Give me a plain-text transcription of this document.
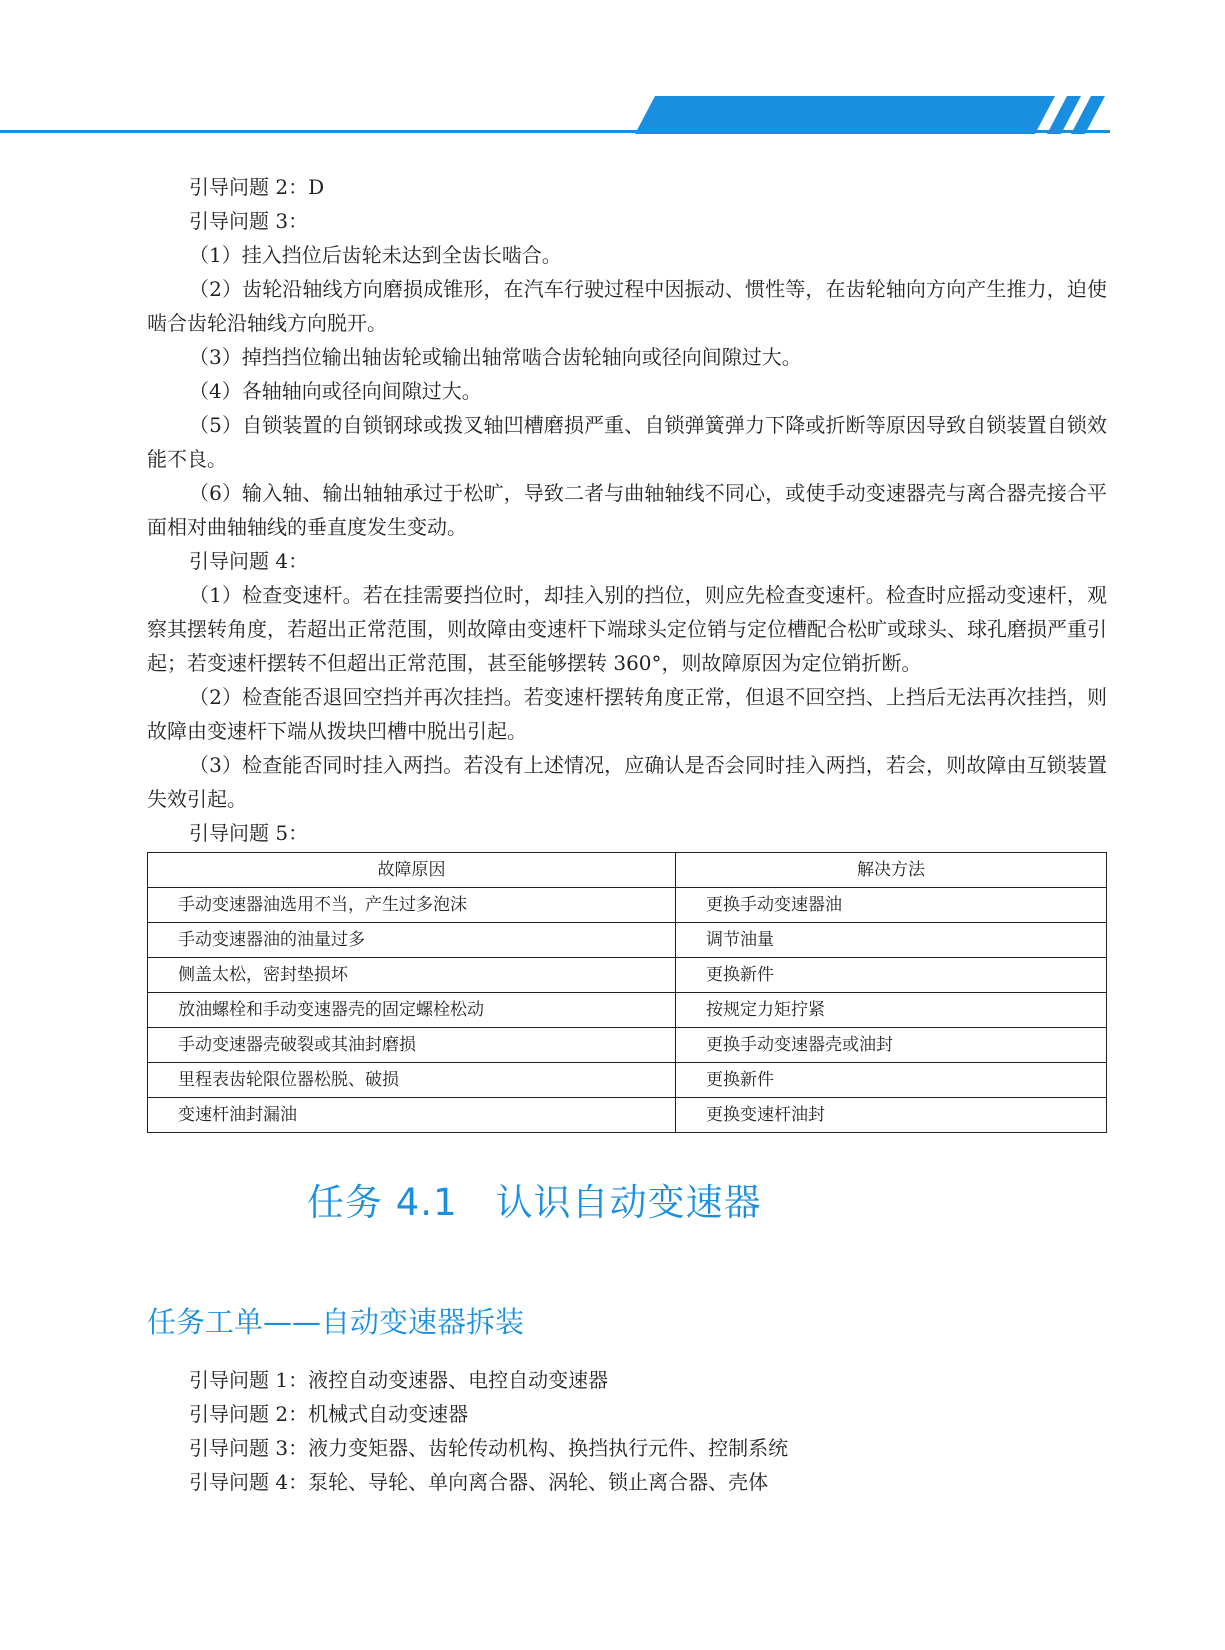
引导问题 2：D

引导问题 3：

（1）挂入挡位后齿轮未达到全齿长啮合。

（2）齿轮沿轴线方向磨损成锥形，在汽车行驶过程中因振动、惯性等，在齿轮轴向方向产生推力，迫使啮合齿轮沿轴线方向脱开。

（3）掉挡挡位输出轴齿轮或输出轴常啮合齿轮轴向或径向间隙过大。

（4）各轴轴向或径向间隙过大。

（5）自锁装置的自锁钢球或拨叉轴凹槽磨损严重、自锁弹簧弹力下降或折断等原因导致自锁装置自锁效能不良。

（6）输入轴、输出轴轴承过于松旷，导致二者与曲轴轴线不同心，或使手动变速器壳与离合器壳接合平面相对曲轴轴线的垂直度发生变动。

引导问题 4：

（1）检查变速杆。若在挂需要挡位时，却挂入别的挡位，则应先检查变速杆。检查时应摇动变速杆，观察其摆转角度，若超出正常范围，则故障由变速杆下端球头定位销与定位槽配合松旷或球头、球孔磨损严重引起；若变速杆摆转不但超出正常范围，甚至能够摆转 360°，则故障原因为定位销折断。

（2）检查能否退回空挡并再次挂挡。若变速杆摆转角度正常，但退不回空挡、上挡后无法再次挂挡，则故障由变速杆下端从拨块凹槽中脱出引起。

（3）检查能否同时挂入两挡。若没有上述情况，应确认是否会同时挂入两挡，若会，则故障由互锁装置失效引起。

引导问题 5：

故障原因	解决方法
手动变速器油选用不当，产生过多泡沫	更换手动变速器油
手动变速器油的油量过多	调节油量
侧盖太松，密封垫损坏	更换新件
放油螺栓和手动变速器壳的固定螺栓松动	按规定力矩拧紧
手动变速器壳破裂或其油封磨损	更换手动变速器壳或油封
里程表齿轮限位器松脱、破损	更换新件
变速杆油封漏油	更换变速杆油封
任务 4.1　认识自动变速器
任务工单——自动变速器拆装

引导问题 1：液控自动变速器、电控自动变速器

引导问题 2：机械式自动变速器

引导问题 3：液力变矩器、齿轮传动机构、换挡执行元件、控制系统

引导问题 4：泵轮、导轮、单向离合器、涡轮、锁止离合器、壳体
